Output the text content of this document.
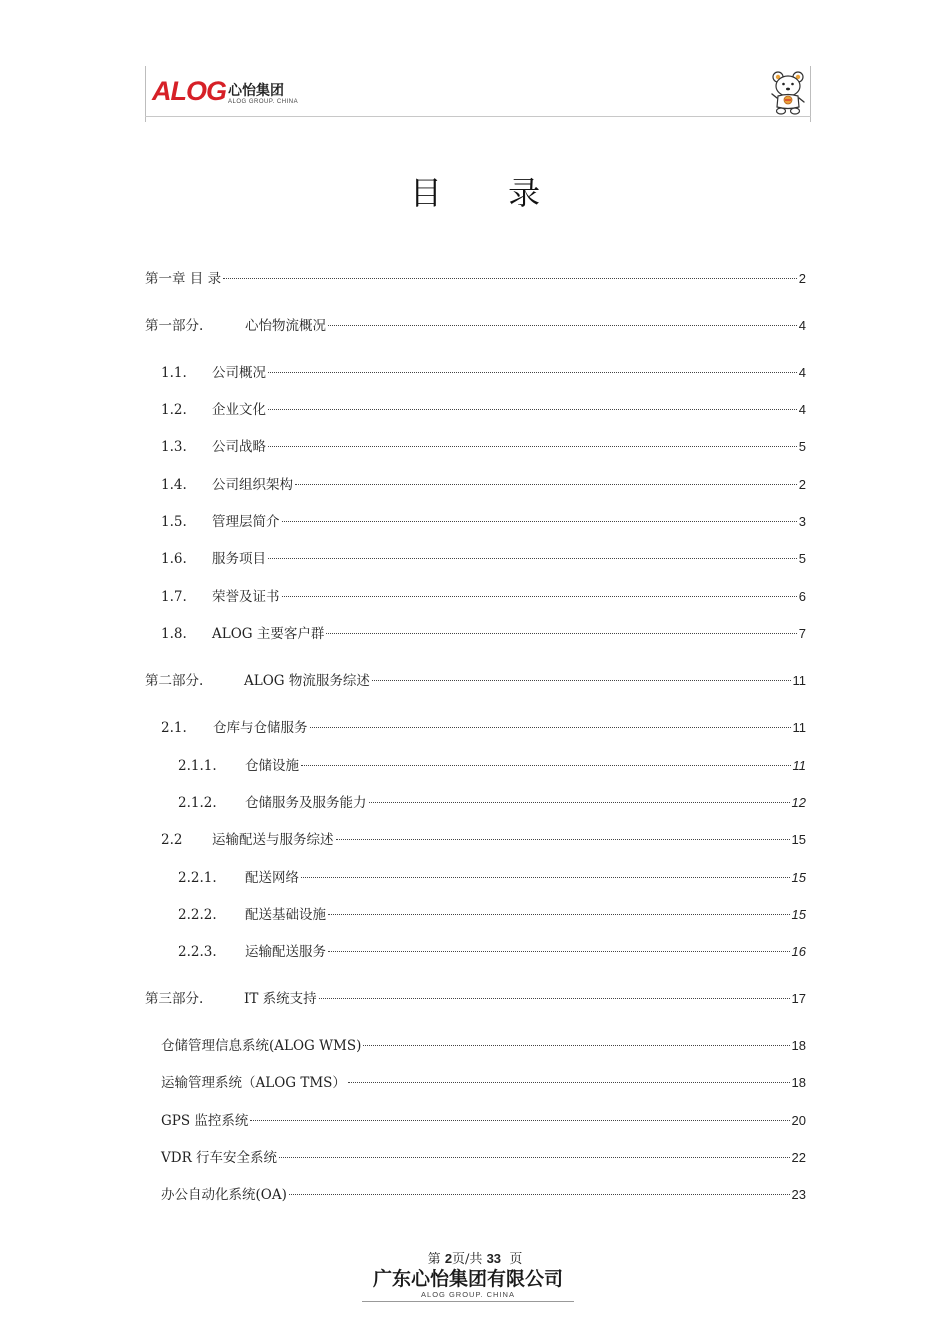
ALOG 心怡集团
ALOG GROUP. CHINA
目 录
第一章 目 录	2
第一部分.	心怡物流概况	4
1.1.	公司概况	4
1.2.	企业文化	4
1.3.	公司战略	5
1.4.	公司组织架构	2
1.5.	管理层简介	3
1.6.	服务项目	5
1.7.	荣誉及证书	6
1.8.	ALOG 主要客户群	7
第二部分.	ALOG 物流服务综述	11
2.1.	仓库与仓储服务	11
2.1.1.	仓储设施	11
2.1.2.	仓储服务及服务能力	12
2.2	运输配送与服务综述	15
2.2.1.	配送网络	15
2.2.2.	配送基础设施	15
2.2.3.	运输配送服务	16
第三部分.	IT 系统支持	17
仓储管理信息系统(ALOG WMS)	18
运输管理系统（ALOG TMS）	18
GPS 监控系统	20
VDR 行车安全系统	22
办公自动化系统(OA)	23
第 2页/共 33 页
广东心怡集团有限公司
ALOG GROUP. CHINA
